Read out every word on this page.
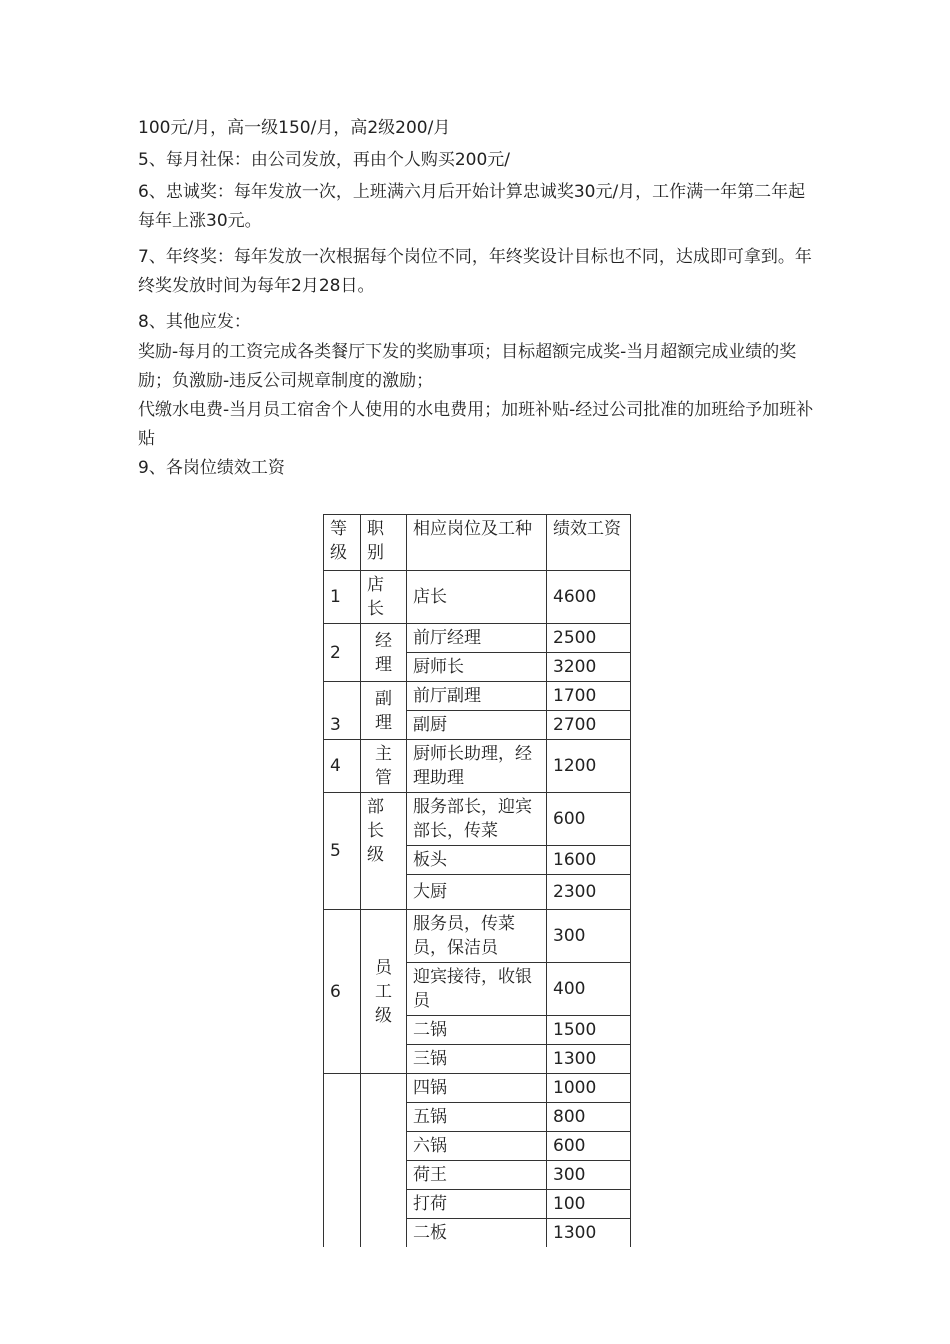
100元/月，高一级150/月，高2级200/月

5、每月社保：由公司发放，再由个人购买200元/

6、忠诚奖：每年发放一次，上班满六月后开始计算忠诚奖30元/月，工作满一年第二年起每年上涨30元。

7、年终奖：每年发放一次根据每个岗位不同，年终奖设计目标也不同，达成即可拿到。年终奖发放时间为每年2月28日。

8、其他应发：

奖励-每月的工资完成各类餐厅下发的奖励事项；目标超额完成奖-当月超额完成业绩的奖励；负激励-违反公司规章制度的激励；

代缴水电费-当月员工宿舍个人使用的水电费用；加班补贴-经过公司批准的加班给予加班补贴

9、各岗位绩效工资

等级	职别	相应岗位及工种	绩效工资
1	店长	店长	4600
2	经理	前厅经理	2500
		厨师长	3200
3	副理	前厅副理	1700
		副厨	2700
4	主管	厨师长助理，经理助理	1200
5	部长级	服务部长，迎宾部长，传菜	600
		板头	1600
		大厨	2300
6	员工级	服务员，传菜员，保洁员	300
		迎宾接待，收银员	400
		二锅	1500
		三锅	1300
		四锅	1000
		五锅	800
		六锅	600
		荷王	300
		打荷	100
		二板	1300
